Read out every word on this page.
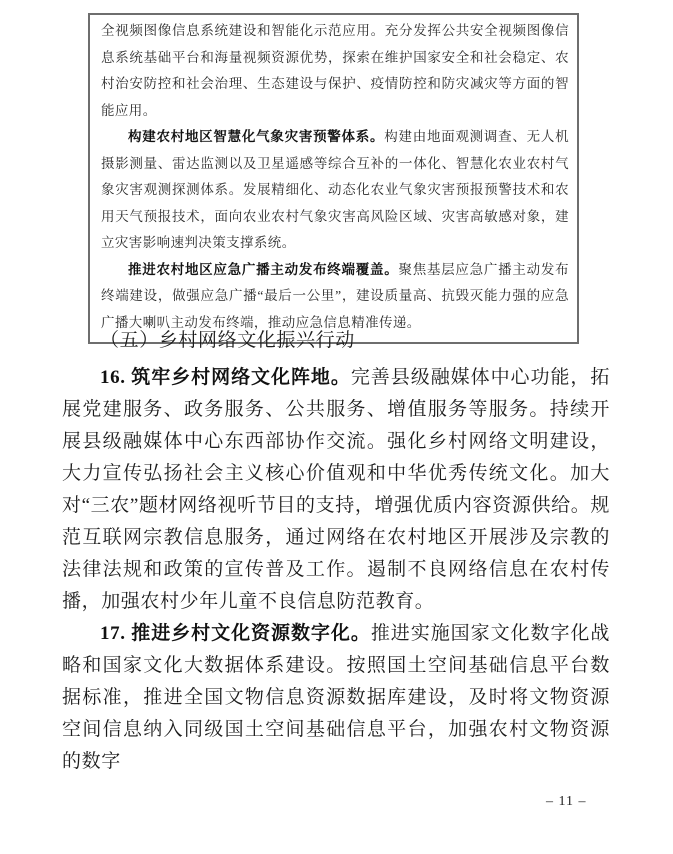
全视频图像信息系统建设和智能化示范应用。充分发挥公共安全视频图像信息系统基础平台和海量视频资源优势，探索在维护国家安全和社会稳定、农村治安防控和社会治理、生态建设与保护、疫情防控和防灾减灾等方面的智能应用。

构建农村地区智慧化气象灾害预警体系。构建由地面观测调查、无人机摄影测量、雷达监测以及卫星遥感等综合互补的一体化、智慧化农业农村气象灾害观测探测体系。发展精细化、动态化农业气象灾害预报预警技术和农用天气预报技术，面向农业农村气象灾害高风险区域、灾害高敏感对象，建立灾害影响速判决策支撑系统。

推进农村地区应急广播主动发布终端覆盖。聚焦基层应急广播主动发布终端建设，做强应急广播“最后一公里”，建设质量高、抗毁灭能力强的应急广播大喇叭主动发布终端，推动应急信息精准传递。

（五）乡村网络文化振兴行动

16. 筑牢乡村网络文化阵地。完善县级融媒体中心功能，拓展党建服务、政务服务、公共服务、增值服务等服务。持续开展县级融媒体中心东西部协作交流。强化乡村网络文明建设，大力宣传弘扬社会主义核心价值观和中华优秀传统文化。加大对“三农”题材网络视听节目的支持，增强优质内容资源供给。规范互联网宗教信息服务，通过网络在农村地区开展涉及宗教的法律法规和政策的宣传普及工作。遏制不良网络信息在农村传播，加强农村少年儿童不良信息防范教育。

17. 推进乡村文化资源数字化。推进实施国家文化数字化战略和国家文化大数据体系建设。按照国土空间基础信息平台数据标准，推进全国文物信息资源数据库建设，及时将文物资源空间信息纳入同级国土空间基础信息平台，加强农村文物资源的数字

– 11 –
